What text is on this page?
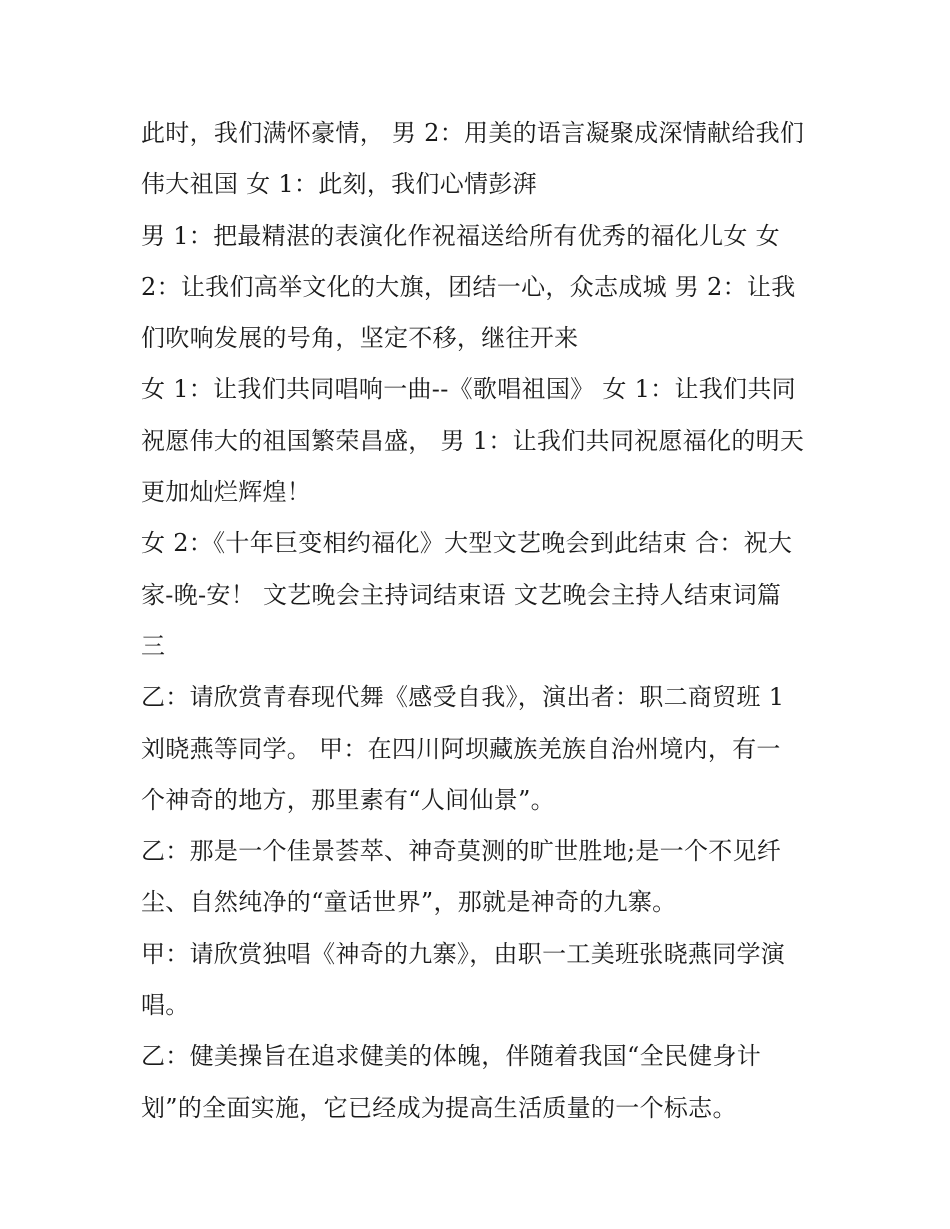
此时，我们满怀豪情， 男 2：用美的语言凝聚成深情献给我们
伟大祖国 女 1：此刻，我们心情彭湃
男 1：把最精湛的表演化作祝福送给所有优秀的福化儿女 女
2：让我们高举文化的大旗，团结一心，众志成城 男 2：让我
们吹响发展的号角，坚定不移，继往开来
女 1：让我们共同唱响一曲--《歌唱祖国》 女 1：让我们共同
祝愿伟大的祖国繁荣昌盛， 男 1：让我们共同祝愿福化的明天
更加灿烂辉煌！
女 2：《十年巨变相约福化》大型文艺晚会到此结束 合：祝大
家-晚-安！ 文艺晚会主持词结束语 文艺晚会主持人结束词篇
三
乙：请欣赏青春现代舞《感受自我》，演出者：职二商贸班 1
刘晓燕等同学。 甲：在四川阿坝藏族羌族自治州境内，有一
个神奇的地方，那里素有“人间仙景”。
乙：那是一个佳景荟萃、神奇莫测的旷世胜地;是一个不见纤
尘、自然纯净的“童话世界”，那就是神奇的九寨。
甲：请欣赏独唱《神奇的九寨》，由职一工美班张晓燕同学演
唱。
乙：健美操旨在追求健美的体魄，伴随着我国“全民健身计
划”的全面实施，它已经成为提高生活质量的一个标志。
